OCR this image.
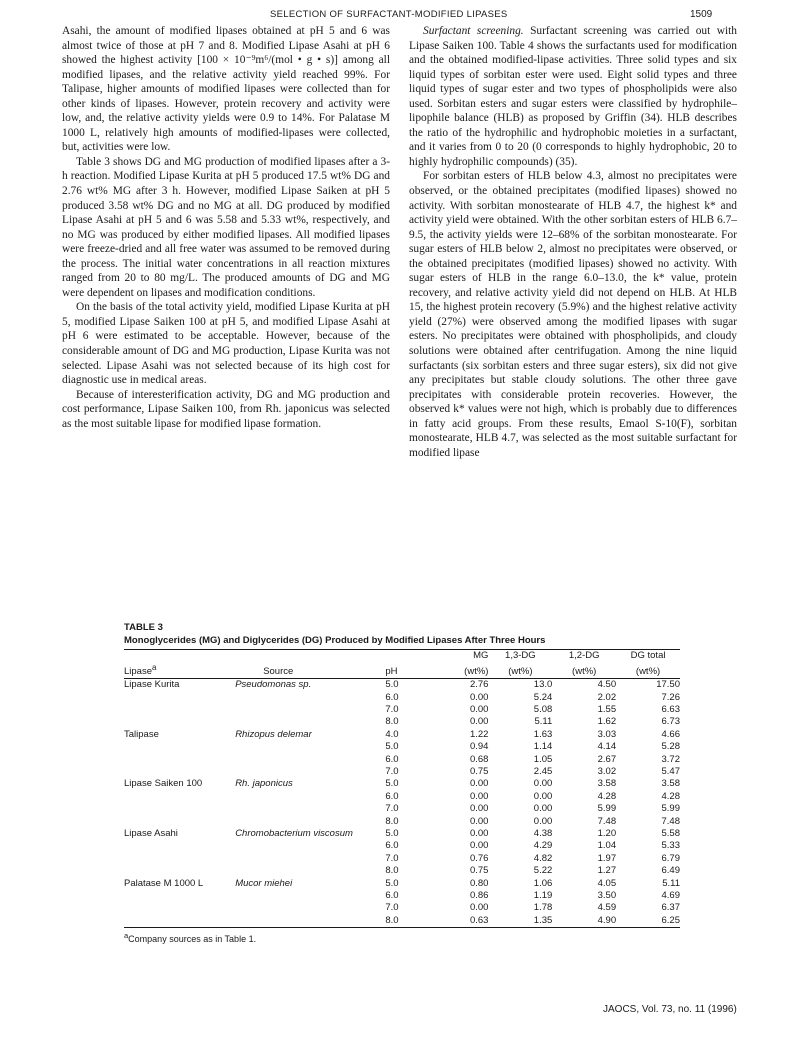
SELECTION OF SURFACTANT-MODIFIED LIPASES	1509

Asahi, the amount of modified lipases obtained at pH 5 and 6 was almost twice of those at pH 7 and 8. Modified Lipase Asahi at pH 6 showed the highest activity [100 × 10⁻⁹m⁶/(mol • g • s)] among all modified lipases, and the relative activity yield reached 99%. For Talipase, higher amounts of modified lipases were collected than for other kinds of lipases. However, protein recovery and activity were low, and, the relative activity yields were 0.9 to 14%. For Palatase M 1000 L, relatively high amounts of modified-lipases were collected, but, activities were low.

Table 3 shows DG and MG production of modified lipases after a 3-h reaction. Modified Lipase Kurita at pH 5 produced 17.5 wt% DG and 2.76 wt% MG after 3 h. However, modified Lipase Saiken at pH 5 produced 3.58 wt% DG and no MG at all. DG produced by modified Lipase Asahi at pH 5 and 6 was 5.58 and 5.33 wt%, respectively, and no MG was produced by either modified lipases. All modified lipases were freeze-dried and all free water was assumed to be removed during the process. The initial water concentrations in all reaction mixtures ranged from 20 to 80 mg/L. The produced amounts of DG and MG were dependent on lipases and modification conditions.

On the basis of the total activity yield, modified Lipase Kurita at pH 5, modified Lipase Saiken 100 at pH 5, and modified Lipase Asahi at pH 6 were estimated to be acceptable. However, because of the considerable amount of DG and MG production, Lipase Kurita was not selected. Lipase Asahi was not selected because of its high cost for diagnostic use in medical areas.

Because of interesterification activity, DG and MG production and cost performance, Lipase Saiken 100, from Rh. japonicus was selected as the most suitable lipase for modified lipase formation.

Surfactant screening. Surfactant screening was carried out with Lipase Saiken 100. Table 4 shows the surfactants used for modification and the obtained modified-lipase activities. Three solid types and six liquid types of sorbitan ester were used. Eight solid types and three liquid types of sugar ester and two types of phospholipids were also used. Sorbitan esters and sugar esters were classified by hydrophile–lipophile balance (HLB) as proposed by Griffin (34). HLB describes the ratio of the hydrophilic and hydrophobic moieties in a surfactant, and it varies from 0 to 20 (0 corresponds to highly hydrophobic, 20 to highly hydrophilic compounds) (35).

For sorbitan esters of HLB below 4.3, almost no precipitates were observed, or the obtained precipitates (modified lipases) showed no activity. With sorbitan monostearate of HLB 4.7, the highest k* and activity yield were obtained. With the other sorbitan esters of HLB 6.7–9.5, the activity yields were 12–68% of the sorbitan monostearate. For sugar esters of HLB below 2, almost no precipitates were observed, or the obtained precipitates (modified lipases) showed no activity. With sugar esters of HLB in the range 6.0–13.0, the k* value, protein recovery, and relative activity yield did not depend on HLB. At HLB 15, the highest protein recovery (5.9%) and the highest relative activity yield (27%) were observed among the modified lipases with sugar esters. No precipitates were obtained with phospholipids, and cloudy solutions were obtained after centrifugation. Among the nine liquid surfactants (six sorbitan esters and three sugar esters), six did not give any precipitates but stable cloudy solutions. The other three gave precipitates with considerable protein recoveries. However, the observed k* values were not high, which is probably due to differences in fatty acid groups. From these results, Emaol S-10(F), sorbitan monostearate, HLB 4.7, was selected as the most suitable surfactant for modified lipase

TABLE 3
Monoglycerides (MG) and Diglycerides (DG) Produced by Modified Lipases After Three Hours
			MG	1,3-DG	1,2-DG	DG total
Lipase$^a$	Source	pH	(wt%)	(wt%)	(wt%)	(wt%)
Lipase Kurita	Pseudomonas sp.	5.0	2.76	13.0	4.50	17.50
		6.0	0.00	5.24	2.02	7.26
		7.0	0.00	5.08	1.55	6.63
		8.0	0.00	5.11	1.62	6.73
Talipase	Rhizopus delemar	4.0	1.22	1.63	3.03	4.66
		5.0	0.94	1.14	4.14	5.28
		6.0	0.68	1.05	2.67	3.72
		7.0	0.75	2.45	3.02	5.47
Lipase Saiken 100	Rh. japonicus	5.0	0.00	0.00	3.58	3.58
		6.0	0.00	0.00	4.28	4.28
		7.0	0.00	0.00	5.99	5.99
		8.0	0.00	0.00	7.48	7.48
Lipase Asahi	Chromobacterium viscosum	5.0	0.00	4.38	1.20	5.58
		6.0	0.00	4.29	1.04	5.33
		7.0	0.76	4.82	1.97	6.79
		8.0	0.75	5.22	1.27	6.49
Palatase M 1000 L	Mucor miehei	5.0	0.80	1.06	4.05	5.11
		6.0	0.86	1.19	3.50	4.69
		7.0	0.00	1.78	4.59	6.37
		8.0	0.63	1.35	4.90	6.25
$^a$Company sources as in Table 1.
JAOCS, Vol. 73, no. 11 (1996)
